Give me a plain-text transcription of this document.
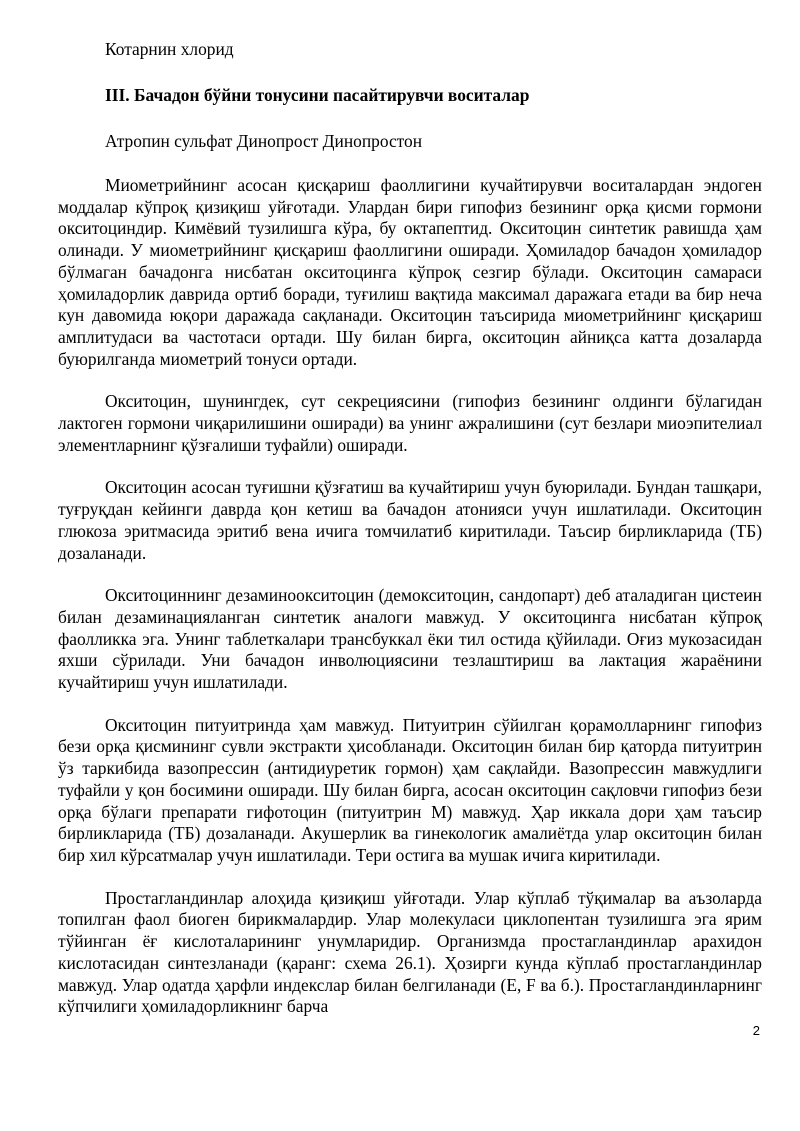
Котарнин хлорид

III. Бачадон бўйни тонусини пасайтирувчи воситалар

Атропин сульфат Динопрост Динопростон

Миометрийнинг асосан қисқариш фаоллигини кучайтирувчи воситалардан эндоген моддалар кўпроқ қизиқиш уйғотади. Улардан бири гипофиз безининг орқа қисми гормони окситоциндир. Кимёвий тузилишга кўра, бу октапептид. Окситоцин синтетик равишда ҳам олинади. У миометрийнинг қисқариш фаоллигини оширади. Ҳомиладор бачадон ҳомиладор бўлмаган бачадонга нисбатан окситоцинга кўпроқ сезгир бўлади. Окситоцин самараси ҳомиладорлик даврида ортиб боради, туғилиш вақтида максимал даражага етади ва бир неча кун давомида юқори даражада сақланади. Окситоцин таъсирида миометрийнинг қисқариш амплитудаси ва частотаси ортади. Шу билан бирга, окситоцин айниқса катта дозаларда буюрилганда миометрий тонуси ортади.

Окситоцин, шунингдек, сут секрециясини (гипофиз безининг олдинги бўлагидан лактоген гормони чиқарилишини оширади) ва унинг ажралишини (сут безлари миоэпителиал элементларнинг қўзғалиши туфайли) оширади.

Окситоцин асосан туғишни қўзғатиш ва кучайтириш учун буюрилади. Бундан ташқари, туғруқдан кейинги даврда қон кетиш ва бачадон атонияси учун ишлатилади. Окситоцин глюкоза эритмасида эритиб вена ичига томчилатиб киритилади. Таъсир бирликларида (ТБ) дозаланади.

Окситоциннинг дезаминоокситоцин (демокситоцин, сандопарт) деб аталадиган цистеин билан дезаминацияланган синтетик аналоги мавжуд. У окситоцинга нисбатан кўпроқ фаолликка эга. Унинг таблеткалари трансбуккал ёки тил остида қўйилади. Оғиз мукозасидан яхши сўрилади. Уни бачадон инволюциясини тезлаштириш ва лактация жараёнини кучайтириш учун ишлатилади.

Окситоцин питуитринда ҳам мавжуд. Питуитрин сўйилган қорамолларнинг гипофиз бези орқа қисмининг сувли экстракти ҳисобланади. Окситоцин билан бир қаторда питуитрин ўз таркибида вазопрессин (антидиуретик гормон) ҳам сақлайди. Вазопрессин мавжудлиги туфайли у қон босимини оширади. Шу билан бирга, асосан окситоцин сақловчи гипофиз бези орқа бўлаги препарати гифотоцин (питуитрин М) мавжуд. Ҳар иккала дори ҳам таъсир бирликларида (ТБ) дозаланади. Акушерлик ва гинекологик амалиётда улар окситоцин билан бир хил кўрсатмалар учун ишлатилади. Тери остига ва мушак ичига киритилади.

Простагландинлар алоҳида қизиқиш уйғотади. Улар кўплаб тўқималар ва аъзоларда топилган фаол биоген бирикмалардир. Улар молекуласи циклопентан тузилишга эга ярим тўйинган ёғ кислоталарининг унумларидир. Организмда простагландинлар арахидон кислотасидан синтезланади (қаранг: схема 26.1). Ҳозирги кунда кўплаб простагландинлар мавжуд. Улар одатда ҳарфли индекслар билан белгиланади (Е, F ва б.). Простагландинларнинг кўпчилиги ҳомиладорликнинг барча

2
